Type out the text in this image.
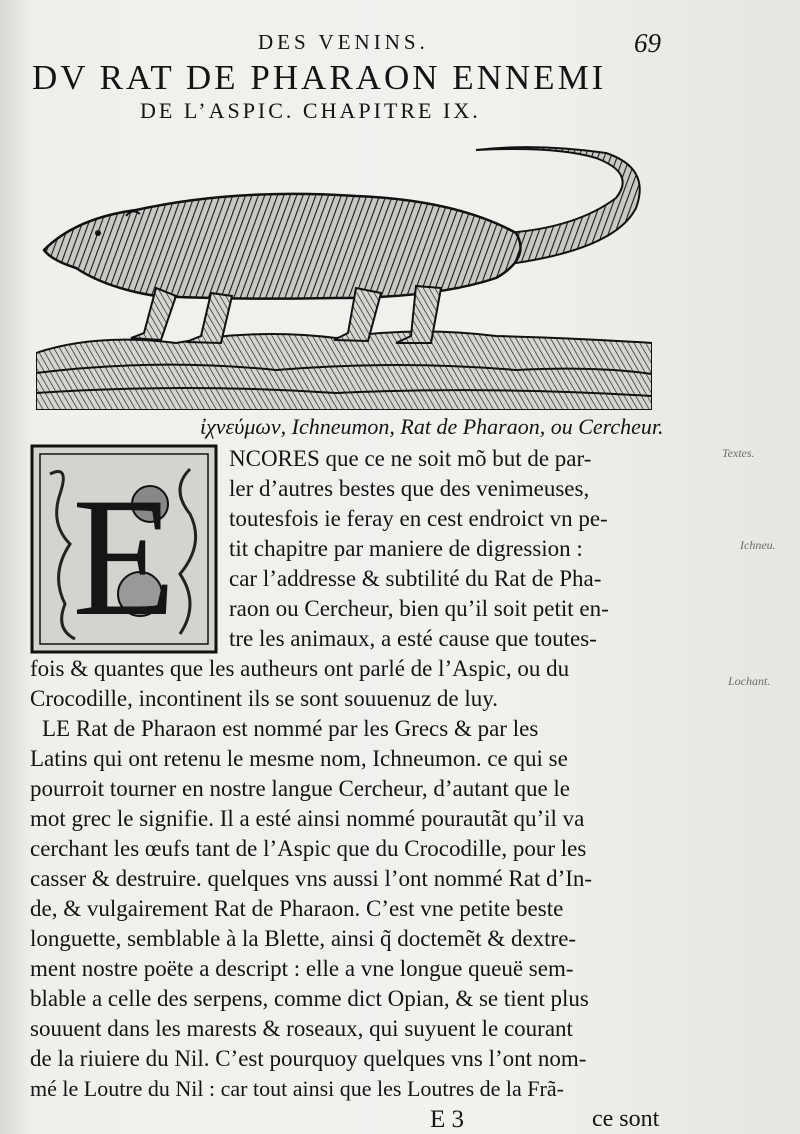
DES VENINS.	69
DV RAT DE PHARAON ENNEMI
DE L’ASPIC. CHAPITRE IX.
ἰχνεύμων, Ichneumon, Rat de Pharaon, ou Cercheur.
E
NCORES que ce ne soit mõ but de par-
ler d’autres bestes que des venimeuses,
toutesfois ie feray en cest endroict vn pe-
tit chapitre par maniere de digression :
car l’addresse & subtilité du Rat de Pha-
raon ou Cercheur, bien qu’il soit petit en-
tre les animaux, a esté cause que toutes-
fois & quantes que les autheurs ont parlé de l’Aspic, ou du
Crocodille, incontinent ils se sont souuenuz de luy.
LE Rat de Pharaon est nommé par les Grecs & par les
Latins qui ont retenu le mesme nom, Ichneumon. ce qui se
pourroit tourner en nostre langue Cercheur, d’autant que le
mot grec le signifie. Il a esté ainsi nommé pourautãt qu’il va
cerchant les œufs tant de l’Aspic que du Crocodille, pour les
casser & destruire. quelques vns aussi l’ont nommé Rat d’In-
de, & vulgairement Rat de Pharaon. C’est vne petite beste
longuette, semblable à la Blette, ainsi q̃ doctemẽt & dextre-
ment nostre poëte a descript : elle a vne longue queuë sem-
blable a celle des serpens, comme dict Opian, & se tient plus
souuent dans les marests & roseaux, qui suyuent le courant
de la riuiere du Nil. C’est pourquoy quelques vns l’ont nom-
mé le Loutre du Nil : car tout ainsi que les Loutres de la Frã-
E 3	ce sont
Textes.
Ichneu.
Lochant.
